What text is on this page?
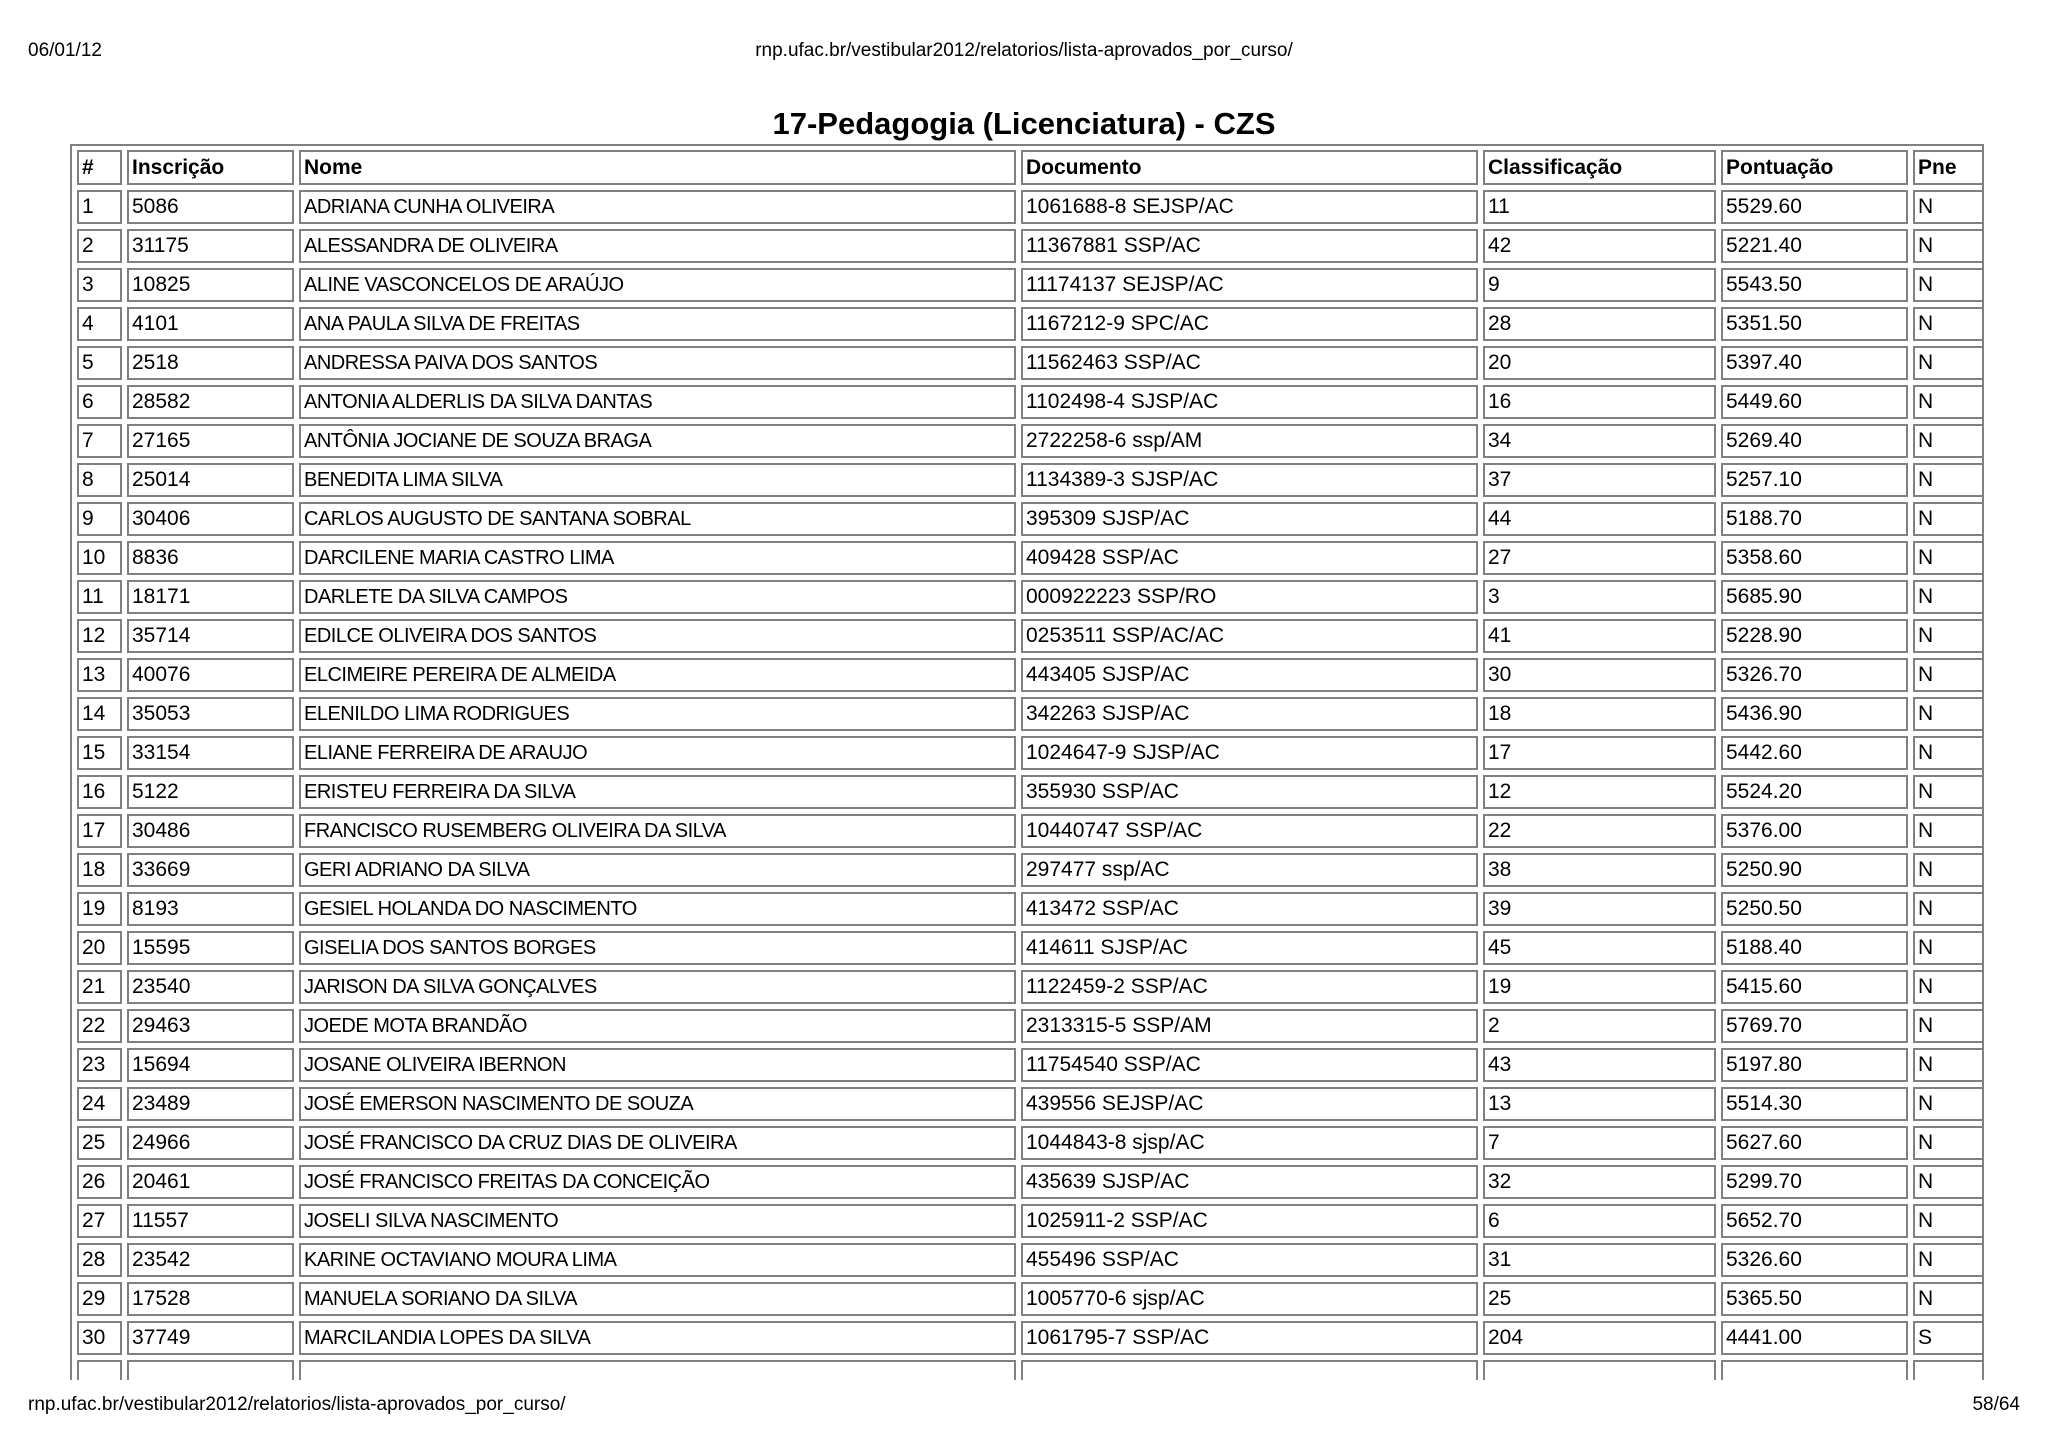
06/01/12	rnp.ufac.br/vestibular2012/relatorios/lista-aprovados_por_curso/
17-Pedagogia (Licenciatura) - CZS
#	Inscrição	Nome	Documento	Classificação	Pontuação	Pne
1	5086	ADRIANA CUNHA OLIVEIRA	1061688-8 SEJSP/AC	11	5529.60	N
2	31175	ALESSANDRA DE OLIVEIRA	11367881 SSP/AC	42	5221.40	N
3	10825	ALINE VASCONCELOS DE ARAÚJO	11174137 SEJSP/AC	9	5543.50	N
4	4101	ANA PAULA SILVA DE FREITAS	1167212-9 SPC/AC	28	5351.50	N
5	2518	ANDRESSA PAIVA DOS SANTOS	11562463 SSP/AC	20	5397.40	N
6	28582	ANTONIA ALDERLIS DA SILVA DANTAS	1102498-4 SJSP/AC	16	5449.60	N
7	27165	ANTÔNIA JOCIANE DE SOUZA BRAGA	2722258-6 ssp/AM	34	5269.40	N
8	25014	BENEDITA LIMA SILVA	1134389-3 SJSP/AC	37	5257.10	N
9	30406	CARLOS AUGUSTO DE SANTANA SOBRAL	395309 SJSP/AC	44	5188.70	N
10	8836	DARCILENE MARIA CASTRO LIMA	409428 SSP/AC	27	5358.60	N
11	18171	DARLETE DA SILVA CAMPOS	000922223 SSP/RO	3	5685.90	N
12	35714	EDILCE OLIVEIRA DOS SANTOS	0253511 SSP/AC/AC	41	5228.90	N
13	40076	ELCIMEIRE PEREIRA DE ALMEIDA	443405 SJSP/AC	30	5326.70	N
14	35053	ELENILDO LIMA RODRIGUES	342263 SJSP/AC	18	5436.90	N
15	33154	ELIANE FERREIRA DE ARAUJO	1024647-9 SJSP/AC	17	5442.60	N
16	5122	ERISTEU FERREIRA DA SILVA	355930 SSP/AC	12	5524.20	N
17	30486	FRANCISCO RUSEMBERG OLIVEIRA DA SILVA	10440747 SSP/AC	22	5376.00	N
18	33669	GERI ADRIANO DA SILVA	297477 ssp/AC	38	5250.90	N
19	8193	GESIEL HOLANDA DO NASCIMENTO	413472 SSP/AC	39	5250.50	N
20	15595	GISELIA DOS SANTOS BORGES	414611 SJSP/AC	45	5188.40	N
21	23540	JARISON DA SILVA GONÇALVES	1122459-2 SSP/AC	19	5415.60	N
22	29463	JOEDE MOTA BRANDÃO	2313315-5 SSP/AM	2	5769.70	N
23	15694	JOSANE OLIVEIRA IBERNON	11754540 SSP/AC	43	5197.80	N
24	23489	JOSÉ EMERSON NASCIMENTO DE SOUZA	439556 SEJSP/AC	13	5514.30	N
25	24966	JOSÉ FRANCISCO DA CRUZ DIAS DE OLIVEIRA	1044843-8 sjsp/AC	7	5627.60	N
26	20461	JOSÉ FRANCISCO FREITAS DA CONCEIÇÃO	435639 SJSP/AC	32	5299.70	N
27	11557	JOSELI SILVA NASCIMENTO	1025911-2 SSP/AC	6	5652.70	N
28	23542	KARINE OCTAVIANO MOURA LIMA	455496 SSP/AC	31	5326.60	N
29	17528	MANUELA SORIANO DA SILVA	1005770-6 sjsp/AC	25	5365.50	N
30	37749	MARCILANDIA LOPES DA SILVA	1061795-7 SSP/AC	204	4441.00	S

rnp.ufac.br/vestibular2012/relatorios/lista-aprovados_por_curso/	58/64
